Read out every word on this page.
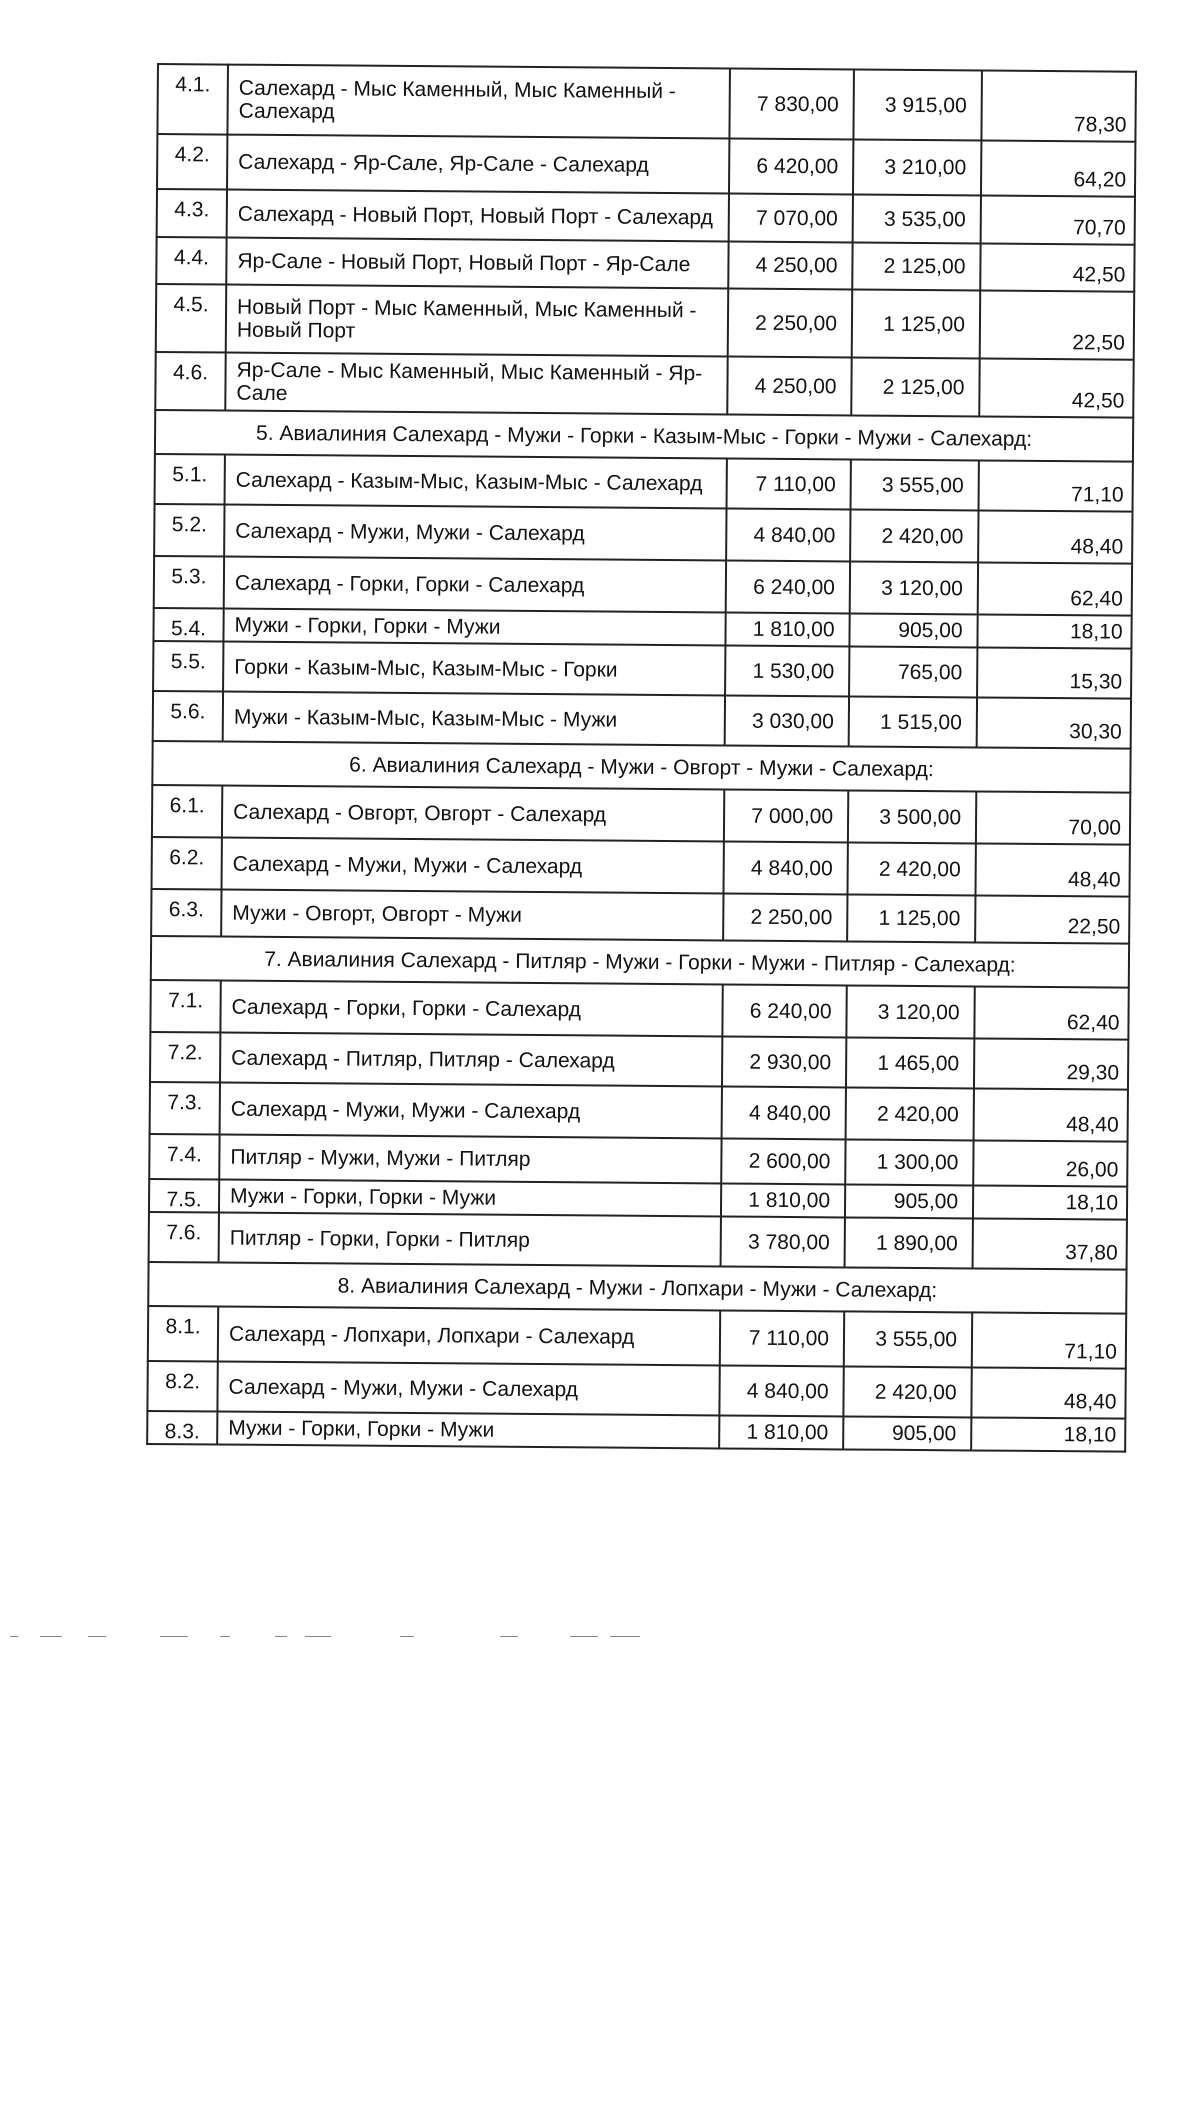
4.1.	Салехард - Мыс Каменный, Мыс Каменный - Салехард	7 830,00	3 915,00	78,30
4.2.	Салехард - Яр-Сале, Яр-Сале - Салехард	6 420,00	3 210,00	64,20
4.3.	Салехард - Новый Порт, Новый Порт - Салехард	7 070,00	3 535,00	70,70
4.4.	Яр-Сале - Новый Порт, Новый Порт - Яр-Сале	4 250,00	2 125,00	42,50
4.5.	Новый Порт - Мыс Каменный, Мыс Каменный - Новый Порт	2 250,00	1 125,00	22,50
4.6.	Яр-Сале - Мыс Каменный, Мыс Каменный - Яр-Сале	4 250,00	2 125,00	42,50
5. Авиалиния Салехард - Мужи - Горки - Казым-Мыс - Горки - Мужи - Салехард:				
5.1.	Салехард - Казым-Мыс, Казым-Мыс - Салехард	7 110,00	3 555,00	71,10
5.2.	Салехард - Мужи, Мужи - Салехард	4 840,00	2 420,00	48,40
5.3.	Салехард - Горки, Горки - Салехард	6 240,00	3 120,00	62,40
5.4.	Мужи - Горки, Горки - Мужи	1 810,00	905,00	18,10
5.5.	Горки - Казым-Мыс, Казым-Мыс - Горки	1 530,00	765,00	15,30
5.6.	Мужи - Казым-Мыс, Казым-Мыс - Мужи	3 030,00	1 515,00	30,30
6. Авиалиния Салехард - Мужи - Овгорт - Мужи - Салехард:				
6.1.	Салехард - Овгорт, Овгорт - Салехард	7 000,00	3 500,00	70,00
6.2.	Салехард - Мужи, Мужи - Салехард	4 840,00	2 420,00	48,40
6.3.	Мужи - Овгорт, Овгорт - Мужи	2 250,00	1 125,00	22,50
7. Авиалиния Салехард - Питляр - Мужи - Горки - Мужи - Питляр - Салехард:				
7.1.	Салехард - Горки, Горки - Салехард	6 240,00	3 120,00	62,40
7.2.	Салехард - Питляр, Питляр - Салехард	2 930,00	1 465,00	29,30
7.3.	Салехард - Мужи, Мужи - Салехард	4 840,00	2 420,00	48,40
7.4.	Питляр - Мужи, Мужи - Питляр	2 600,00	1 300,00	26,00
7.5.	Мужи - Горки, Горки - Мужи	1 810,00	905,00	18,10
7.6.	Питляр - Горки, Горки - Питляр	3 780,00	1 890,00	37,80
8. Авиалиния Салехард - Мужи - Лопхари - Мужи - Салехард:				
8.1.	Салехард - Лопхари, Лопхари - Салехард	7 110,00	3 555,00	71,10
8.2.	Салехард - Мужи, Мужи - Салехард	4 840,00	2 420,00	48,40
8.3.	Мужи - Горки, Горки - Мужи	1 810,00	905,00	18,10
